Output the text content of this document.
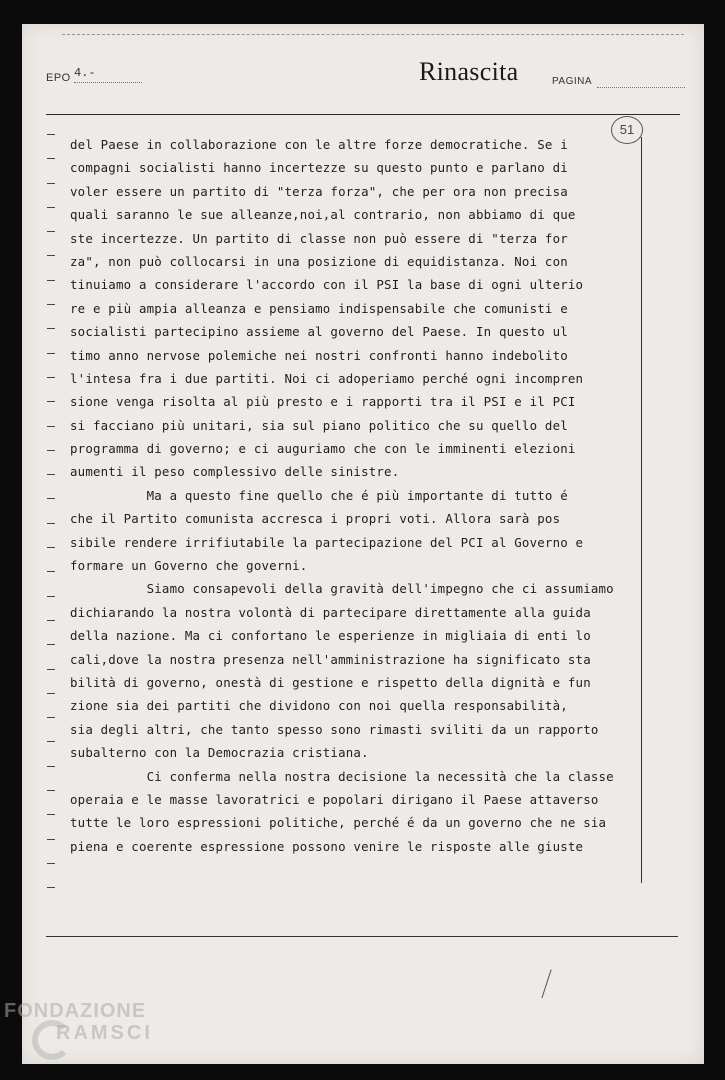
EPO 4.-	Rinascita	PAGINA
51
del Paese in collaborazione con le altre forze democratiche. Se i
compagni socialisti hanno incertezze su questo punto e parlano di
voler essere un partito di "terza forza", che per ora non precisa
quali saranno le sue alleanze,noi,al contrario, non abbiamo di que
ste incertezze. Un partito di classe non può essere di "terza for
za", non può collocarsi in una posizione di equidistanza. Noi con
tinuiamo a considerare l'accordo con il PSI la base di ogni ulterio
re e più ampia alleanza e pensiamo indispensabile che comunisti e
socialisti partecipino assieme al governo del Paese. In questo ul
timo anno nervose polemiche nei nostri confronti hanno indebolito
l'intesa fra i due partiti. Noi ci adoperiamo perché ogni incompren
sione venga risolta al più presto e i rapporti tra il PSI e il PCI
si facciano più unitari, sia sul piano politico che su quello del
programma di governo; e ci auguriamo che con le imminenti elezioni
aumenti il peso complessivo delle sinistre.
Ma a questo fine quello che é più importante di tutto é
che il Partito comunista accresca i propri voti. Allora sarà pos
sibile rendere irrifiutabile la partecipazione del PCI al Governo e
formare un Governo che governi.
Siamo consapevoli della gravità dell'impegno che ci assumiamo
dichiarando la nostra volontà di partecipare direttamente alla guida
della nazione. Ma ci confortano le esperienze in migliaia di enti lo
cali,dove la nostra presenza nell'amministrazione ha significato sta
bilità di governo, onestà di gestione e rispetto della dignità e fun
zione sia dei partiti che dividono con noi quella responsabilità,
sia degli altri, che tanto spesso sono rimasti sviliti da un rapporto
subalterno con la Democrazia cristiana.
Ci conferma nella nostra decisione la necessità che la classe
operaia e le masse lavoratrici e popolari dirigano il Paese attaverso
tutte le loro espressioni politiche, perché é da un governo che ne sia
piena e coerente espressione possono venire le risposte alle giuste
FONDAZIONE
RAMSCI
